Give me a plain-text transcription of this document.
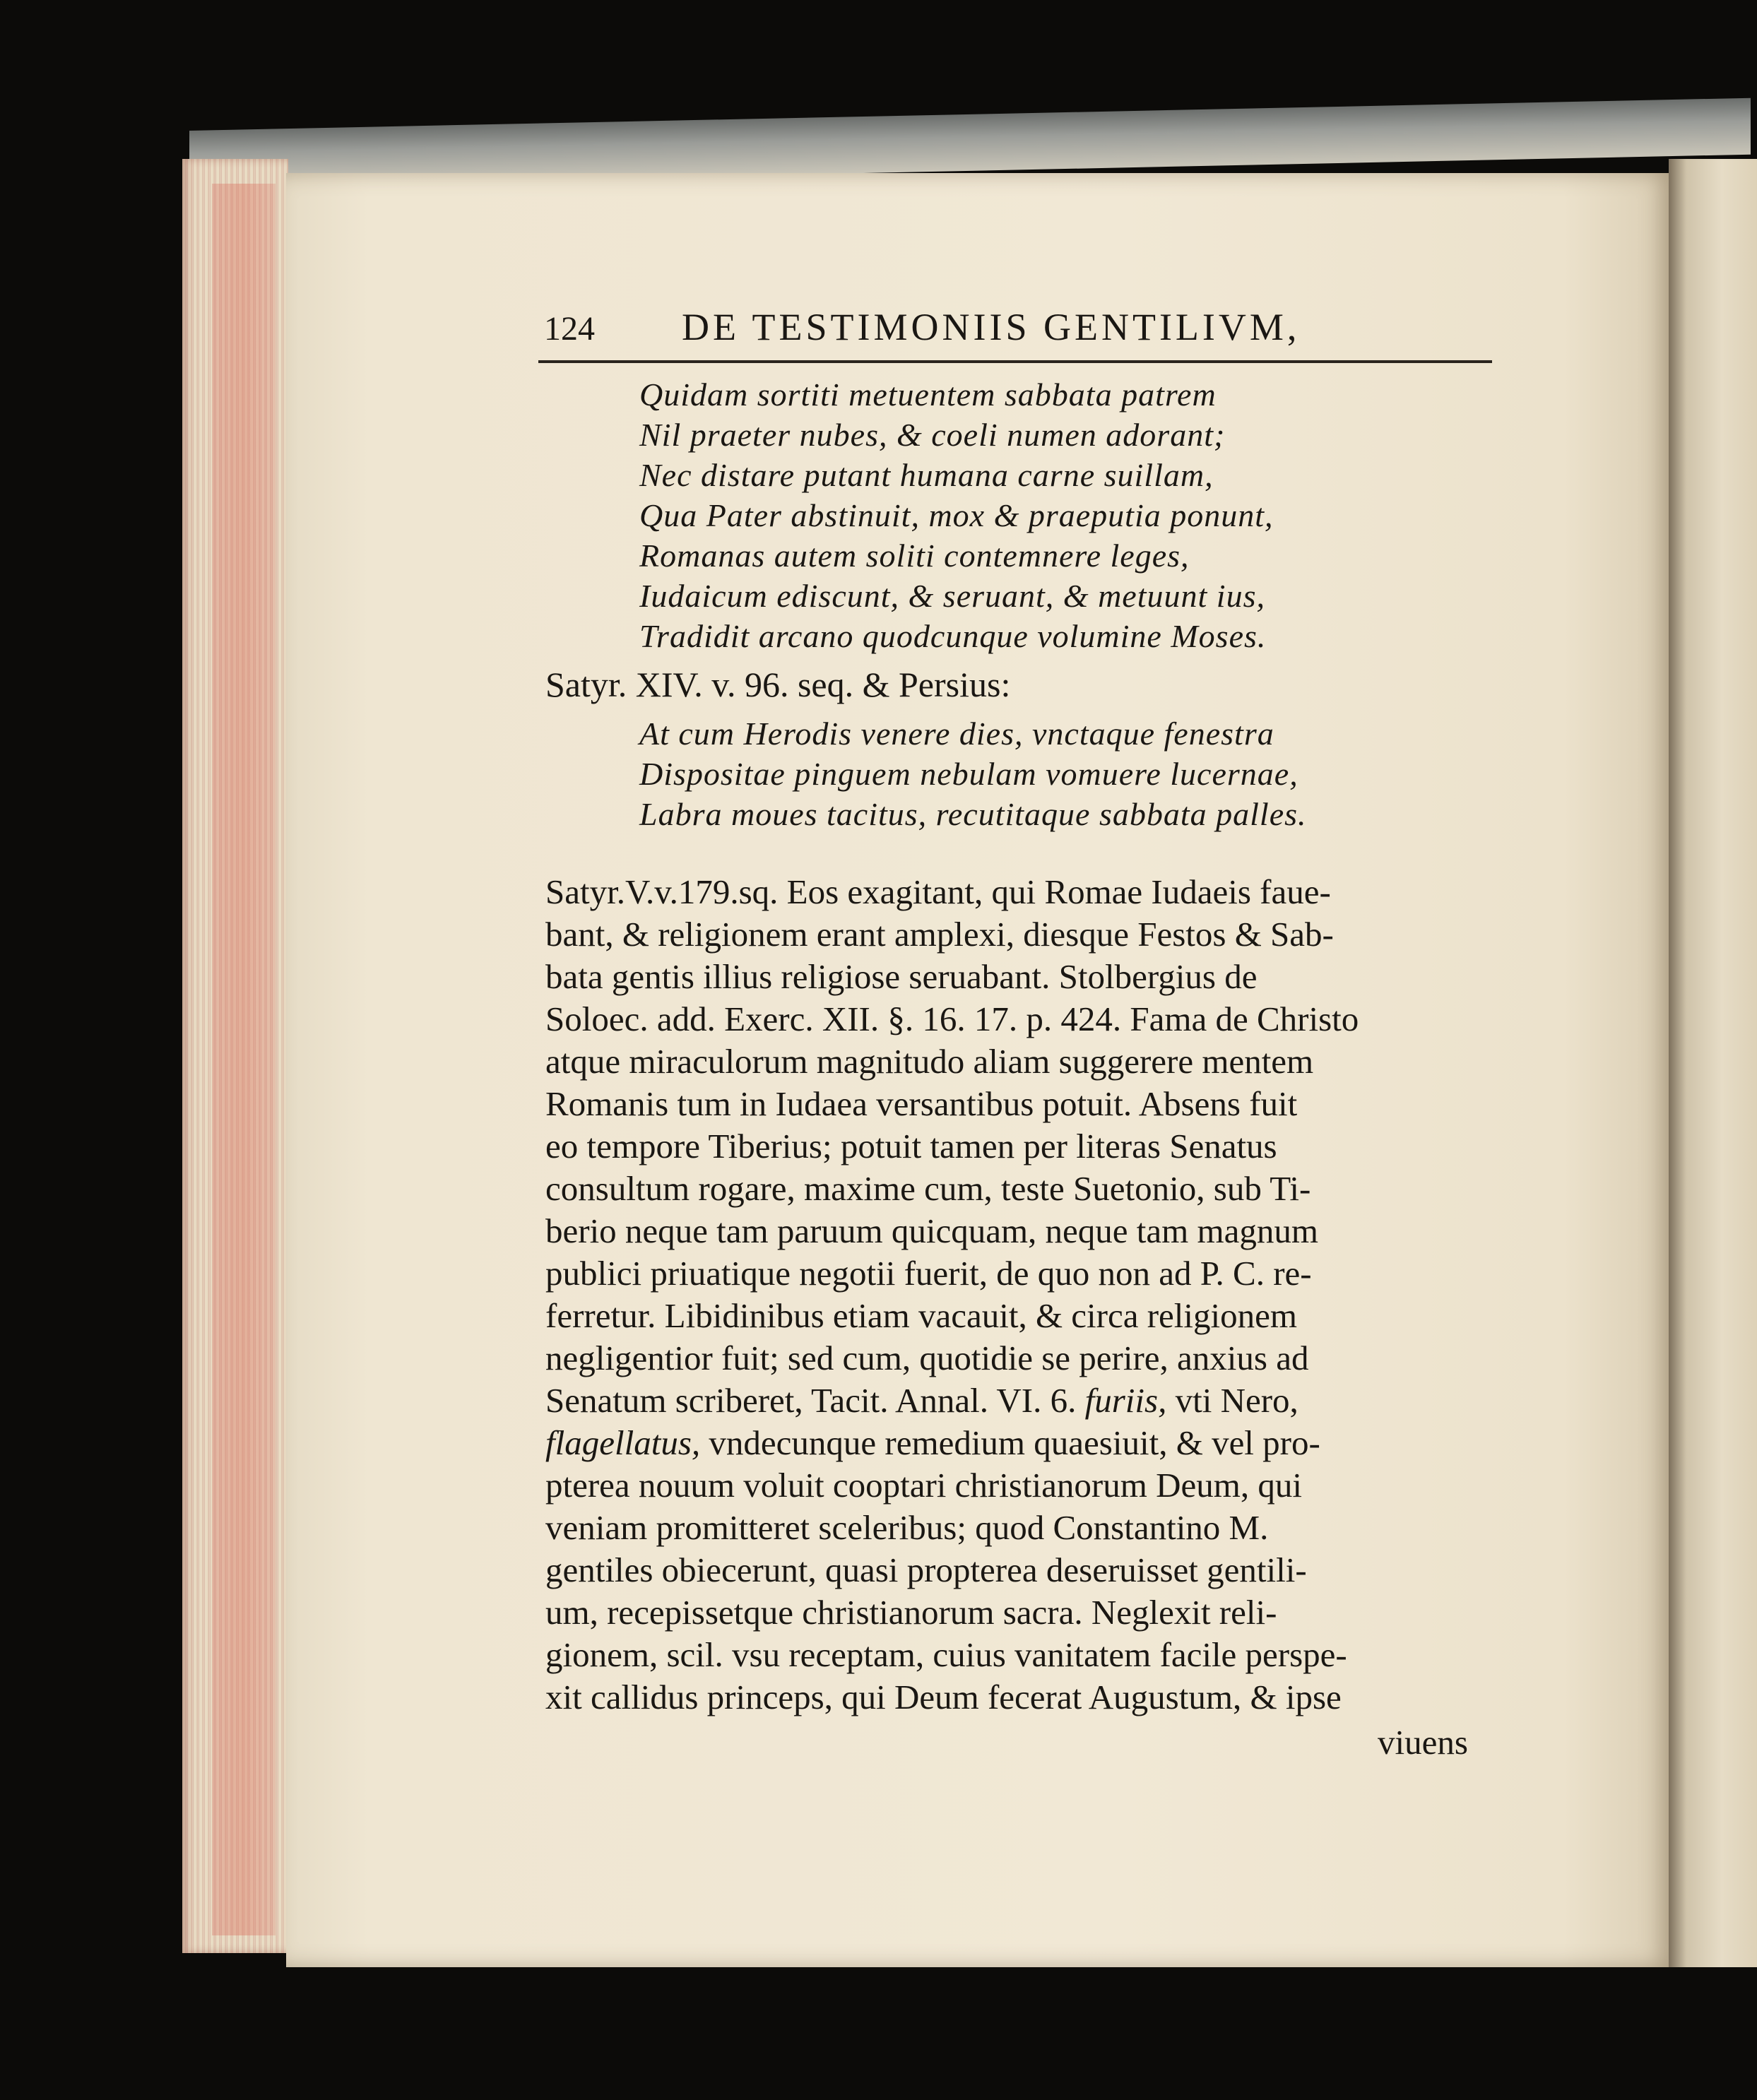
124 DE TESTIMONIIS GENTILIVM,
Quidam sortiti metuentem sabbata patrem
Nil praeter nubes, & coeli numen adorant;
Nec distare putant humana carne suillam,
Qua Pater abstinuit, mox & praeputia ponunt,
Romanas autem soliti contemnere leges,
Iudaicum ediscunt, & seruant, & metuunt ius,
Tradidit arcano quodcunque volumine Moses.
Satyr. XIV. v. 96. seq. & Persius:
At cum Herodis venere dies, vnctaque fenestra
Dispositae pinguem nebulam vomuere lucernae,
Labra moues tacitus, recutitaque sabbata palles.
Satyr.V.v.179.sq. Eos exagitant, qui Romae Iudaeis faue-
bant, & religionem erant amplexi, diesque Festos & Sab-
bata gentis illius religiose seruabant. Stolbergius de
Soloec. add. Exerc. XII. §. 16. 17. p. 424. Fama de Christo
atque miraculorum magnitudo aliam suggerere mentem
Romanis tum in Iudaea versantibus potuit. Absens fuit
eo tempore Tiberius; potuit tamen per literas Senatus
consultum rogare, maxime cum, teste Suetonio, sub Ti-
berio neque tam paruum quicquam, neque tam magnum
publici priuatique negotii fuerit, de quo non ad P. C. re-
ferretur. Libidinibus etiam vacauit, & circa religionem
negligentior fuit; sed cum, quotidie se perire, anxius ad
Senatum scriberet, Tacit. Annal. VI. 6. furiis, vti Nero,
flagellatus, vndecunque remedium quaesiuit, & vel pro-
pterea nouum voluit cooptari christianorum Deum, qui
veniam promitteret sceleribus; quod Constantino M.
gentiles obiecerunt, quasi propterea deseruisset gentili-
um, recepissetque christianorum sacra. Neglexit reli-
gionem, scil. vsu receptam, cuius vanitatem facile perspe-
xit callidus princeps, qui Deum fecerat Augustum, & ipse
viuens
